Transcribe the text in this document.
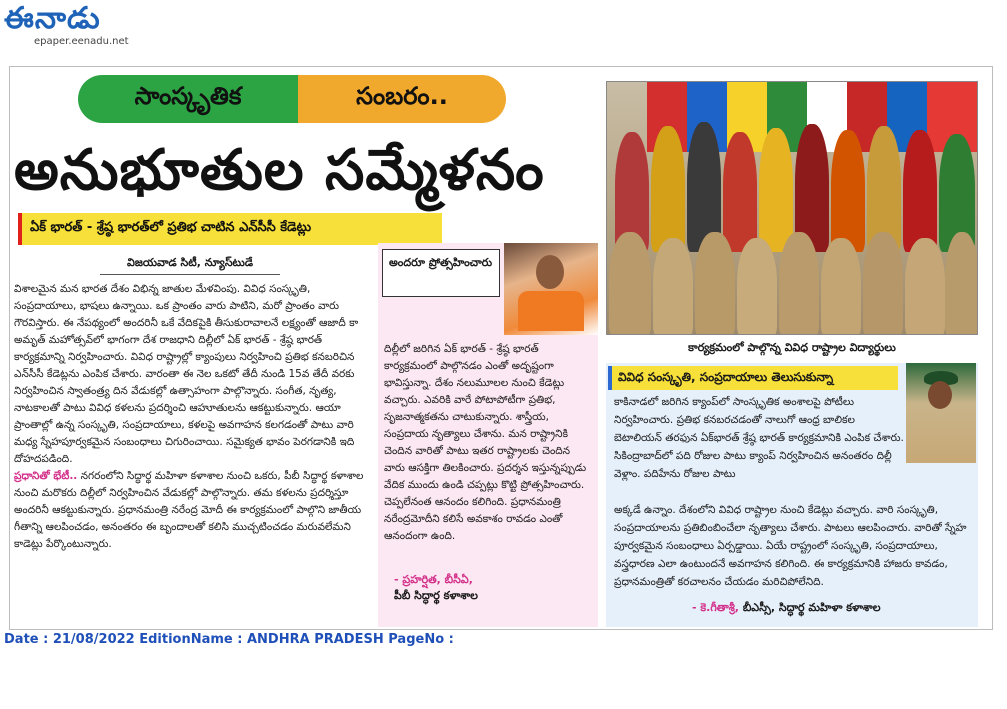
ఈనాడు
epaper.eenadu.net
సాంస్కృతిక	సంబరం..
అనుభూతుల సమ్మేళనం
ఏక్ భారత్ - శ్రేష్ఠ భారత్‌లో ప్రతిభ చాటిన ఎన్‌సీసీ కేడెట్లు
విజయవాడ సిటీ, న్యూస్‌టుడే

విశాలమైన మన భారత దేశం విభిన్న జాతుల మేళవింపు. వివిధ సంస్కృతి, సంప్రదాయాలు, భాషలు ఉన్నాయి. ఒక ప్రాంతం వారు పాటిని, మరో ప్రాంతం వారు గౌరవిస్తారు. ఈ నేపథ్యంలో అందరినీ ఒకే వేదికపైకి తీసుకురావాలనే లక్ష్యంతో ఆజాదీ కా అమృత్ మహోత్సవ్‌లో భాగంగా దేశ రాజధాని దిల్లీలో ఏక్ భారత్ - శ్రేష్ఠ భారత్ కార్యక్రమాన్ని నిర్వహించారు. వివిధ రాష్ట్రాల్లో క్యాంపులు నిర్వహించి ప్రతిభ కనబరిచిన ఎన్‌సీసీ కేడెట్లను ఎంపిక చేశారు. వారంతా ఈ నెల ఒకటో తేదీ నుండి 15వ తేదీ వరకు నిర్వహించిన స్వాతంత్ర్య దిన వేడుకల్లో ఉత్సాహంగా పాల్గొన్నారు. సంగీత, నృత్య, నాటకాలతో పాటు వివిధ కళలను ప్రదర్శించి ఆహూతులను ఆకట్టుకున్నారు. ఆయా ప్రాంతాల్లో ఉన్న సంస్కృతి, సంప్రదాయాలు, కళలపై అవగాహన కలగడంతో పాటు వారి మధ్య స్నేహపూర్వకమైన సంబంధాలు చిగురించాయి. సమైక్యత భావం పెరగడానికి ఇది దోహదపడింది.

ప్రధానితో భేటీ.. నగరంలోని సిద్ధార్థ మహిళా కళాశాల నుంచి ఒకరు, పీబీ సిద్ధార్థ కళాశాల నుంచి మరొకరు దిల్లీలో నిర్వహించిన వేడుకల్లో పాల్గొన్నారు. తమ కళలను ప్రదర్శిస్తూ అందరినీ ఆకట్టుకున్నారు. ప్రధానమంత్రి నరేంద్ర మోదీ ఈ కార్యక్రమంలో పాల్గొని జాతీయ గీతాన్ని ఆలపించడం, అనంతరం ఈ బృందాలతో కలిసి ముచ్చటించడం మరువలేమని కాడెట్లు పేర్కొంటున్నారు.

అందరూ ప్రోత్సహించారు
దిల్లీలో జరిగిన ఏక్ భారత్ - శ్రేష్ఠ భారత్ కార్యక్రమంలో పాల్గొనడం ఎంతో అదృష్టంగా భావిస్తున్నా. దేశం నలుమూలల నుంచి కేడెట్లు వచ్చారు. ఎవరికి వారే పోటాపోటీగా ప్రతిభ, సృజనాత్మకతను చాటుకున్నారు. శాస్త్రీయ, సంప్రదాయ నృత్యాలు చేశాను. మన రాష్ట్రానికి చెందిన వారితో పాటు ఇతర రాష్ట్రాలకు చెందిన వారు ఆసక్తిగా తిలకించారు. ప్రదర్శన ఇస్తున్నప్పుడు వేదిక ముందు ఉండి చప్పట్లు కొట్టి ప్రోత్సహించారు. చెప్పలేనంత ఆనందం కలిగింది. ప్రధానమంత్రి నరేంద్రమోదీని కలిసే అవకాశం రావడం ఎంతో ఆనందంగా ఉంది.
- ప్రహర్షిత, బీసీఏ,
పీబీ సిద్ధార్థ కళాశాల
కార్యక్రమంలో పాల్గొన్న వివిధ రాష్ట్రాల విద్యార్థులు
వివిధ సంస్కృతి, సంప్రదాయాలు తెలుసుకున్నా
కాకినాడలో జరిగిన క్యాంప్‌లో సాంస్కృతిక అంశాలపై పోటీలు నిర్వహించారు. ప్రతిభ కనబరచడంతో నాలుగో ఆంధ్ర బాలికల బెటాలియన్ తరఫున ఏక్‌భారత్ శ్రేష్ఠ భారత్ కార్యక్రమానికి ఎంపిక చేశారు. సికింద్రాబాద్‌లో పది రోజుల పాటు క్యాంప్ నిర్వహించిన అనంతరం దిల్లీ వెళ్లాం. పదిహేను రోజుల పాటు
అక్కడే ఉన్నాం. దేశంలోని వివిధ రాష్ట్రాల నుంచి కేడెట్లు వచ్చారు. వారి సంస్కృతి, సంప్రదాయాలను ప్రతిబింబించేలా నృత్యాలు చేశారు. పాటలు ఆలపించారు. వారితో స్నేహ పూర్వకమైన సంబంధాలు ఏర్పడ్డాయి. ఏయే రాష్ట్రంలో సంస్కృతి, సంప్రదాయాలు, వస్త్రధారణ ఎలా ఉంటుందనే అవగాహన కలిగింది. ఈ కార్యక్రమానికి హాజరు కావడం, ప్రధానమంత్రితో కరచాలనం చేయడం మరిచిపోలేనిది.
- కె.గీతాశ్రీ, బీఎస్సీ, సిద్ధార్థ మహిళా కళాశాల
Date : 21/08/2022 EditionName : ANDHRA PRADESH PageNo :
